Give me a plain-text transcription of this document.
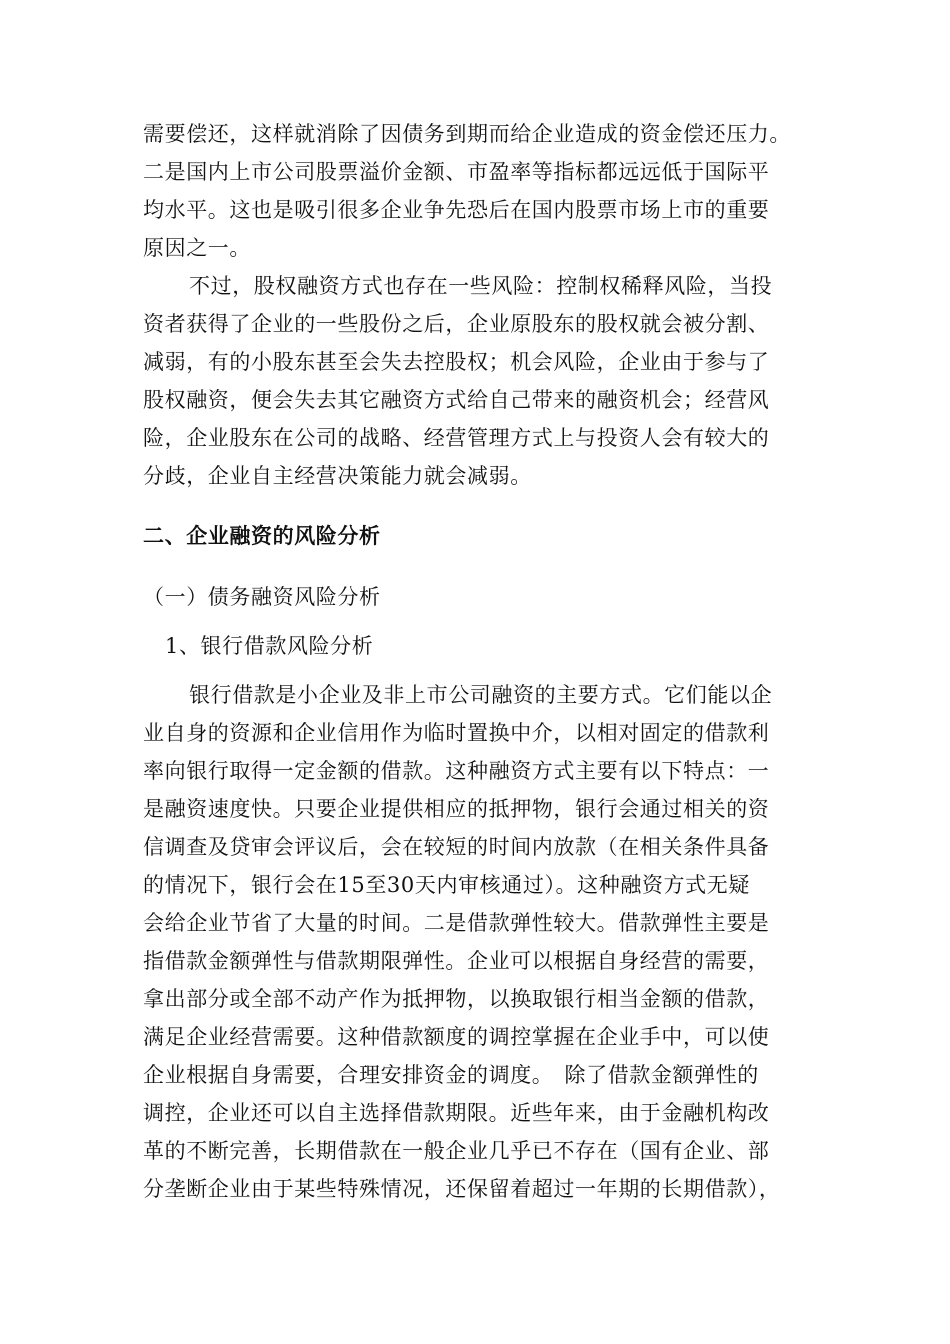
需要偿还，这样就消除了因债务到期而给企业造成的资金偿还压力。
二是国内上市公司股票溢价金额、市盈率等指标都远远低于国际平
均水平。这也是吸引很多企业争先恐后在国内股票市场上市的重要
原因之一。
不过，股权融资方式也存在一些风险：控制权稀释风险，当投
资者获得了企业的一些股份之后，企业原股东的股权就会被分割、
减弱，有的小股东甚至会失去控股权；机会风险，企业由于参与了
股权融资，便会失去其它融资方式给自己带来的融资机会；经营风
险，企业股东在公司的战略、经营管理方式上与投资人会有较大的
分歧，企业自主经营决策能力就会减弱。
二、企业融资的风险分析
（一）债务融资风险分析
1、银行借款风险分析
银行借款是小企业及非上市公司融资的主要方式。它们能以企
业自身的资源和企业信用作为临时置换中介，以相对固定的借款利
率向银行取得一定金额的借款。这种融资方式主要有以下特点：一
是融资速度快。只要企业提供相应的抵押物，银行会通过相关的资
信调查及贷审会评议后，会在较短的时间内放款（在相关条件具备
的情况下，银行会在15至30天内审核通过）。这种融资方式无疑
会给企业节省了大量的时间。二是借款弹性较大。借款弹性主要是
指借款金额弹性与借款期限弹性。企业可以根据自身经营的需要，
拿出部分或全部不动产作为抵押物，以换取银行相当金额的借款，
满足企业经营需要。这种借款额度的调控掌握在企业手中，可以使
企业根据自身需要，合理安排资金的调度。　除了借款金额弹性的
调控，企业还可以自主选择借款期限。近些年来，由于金融机构改
革的不断完善，长期借款在一般企业几乎已不存在（国有企业、部
分垄断企业由于某些特殊情况，还保留着超过一年期的长期借款），
